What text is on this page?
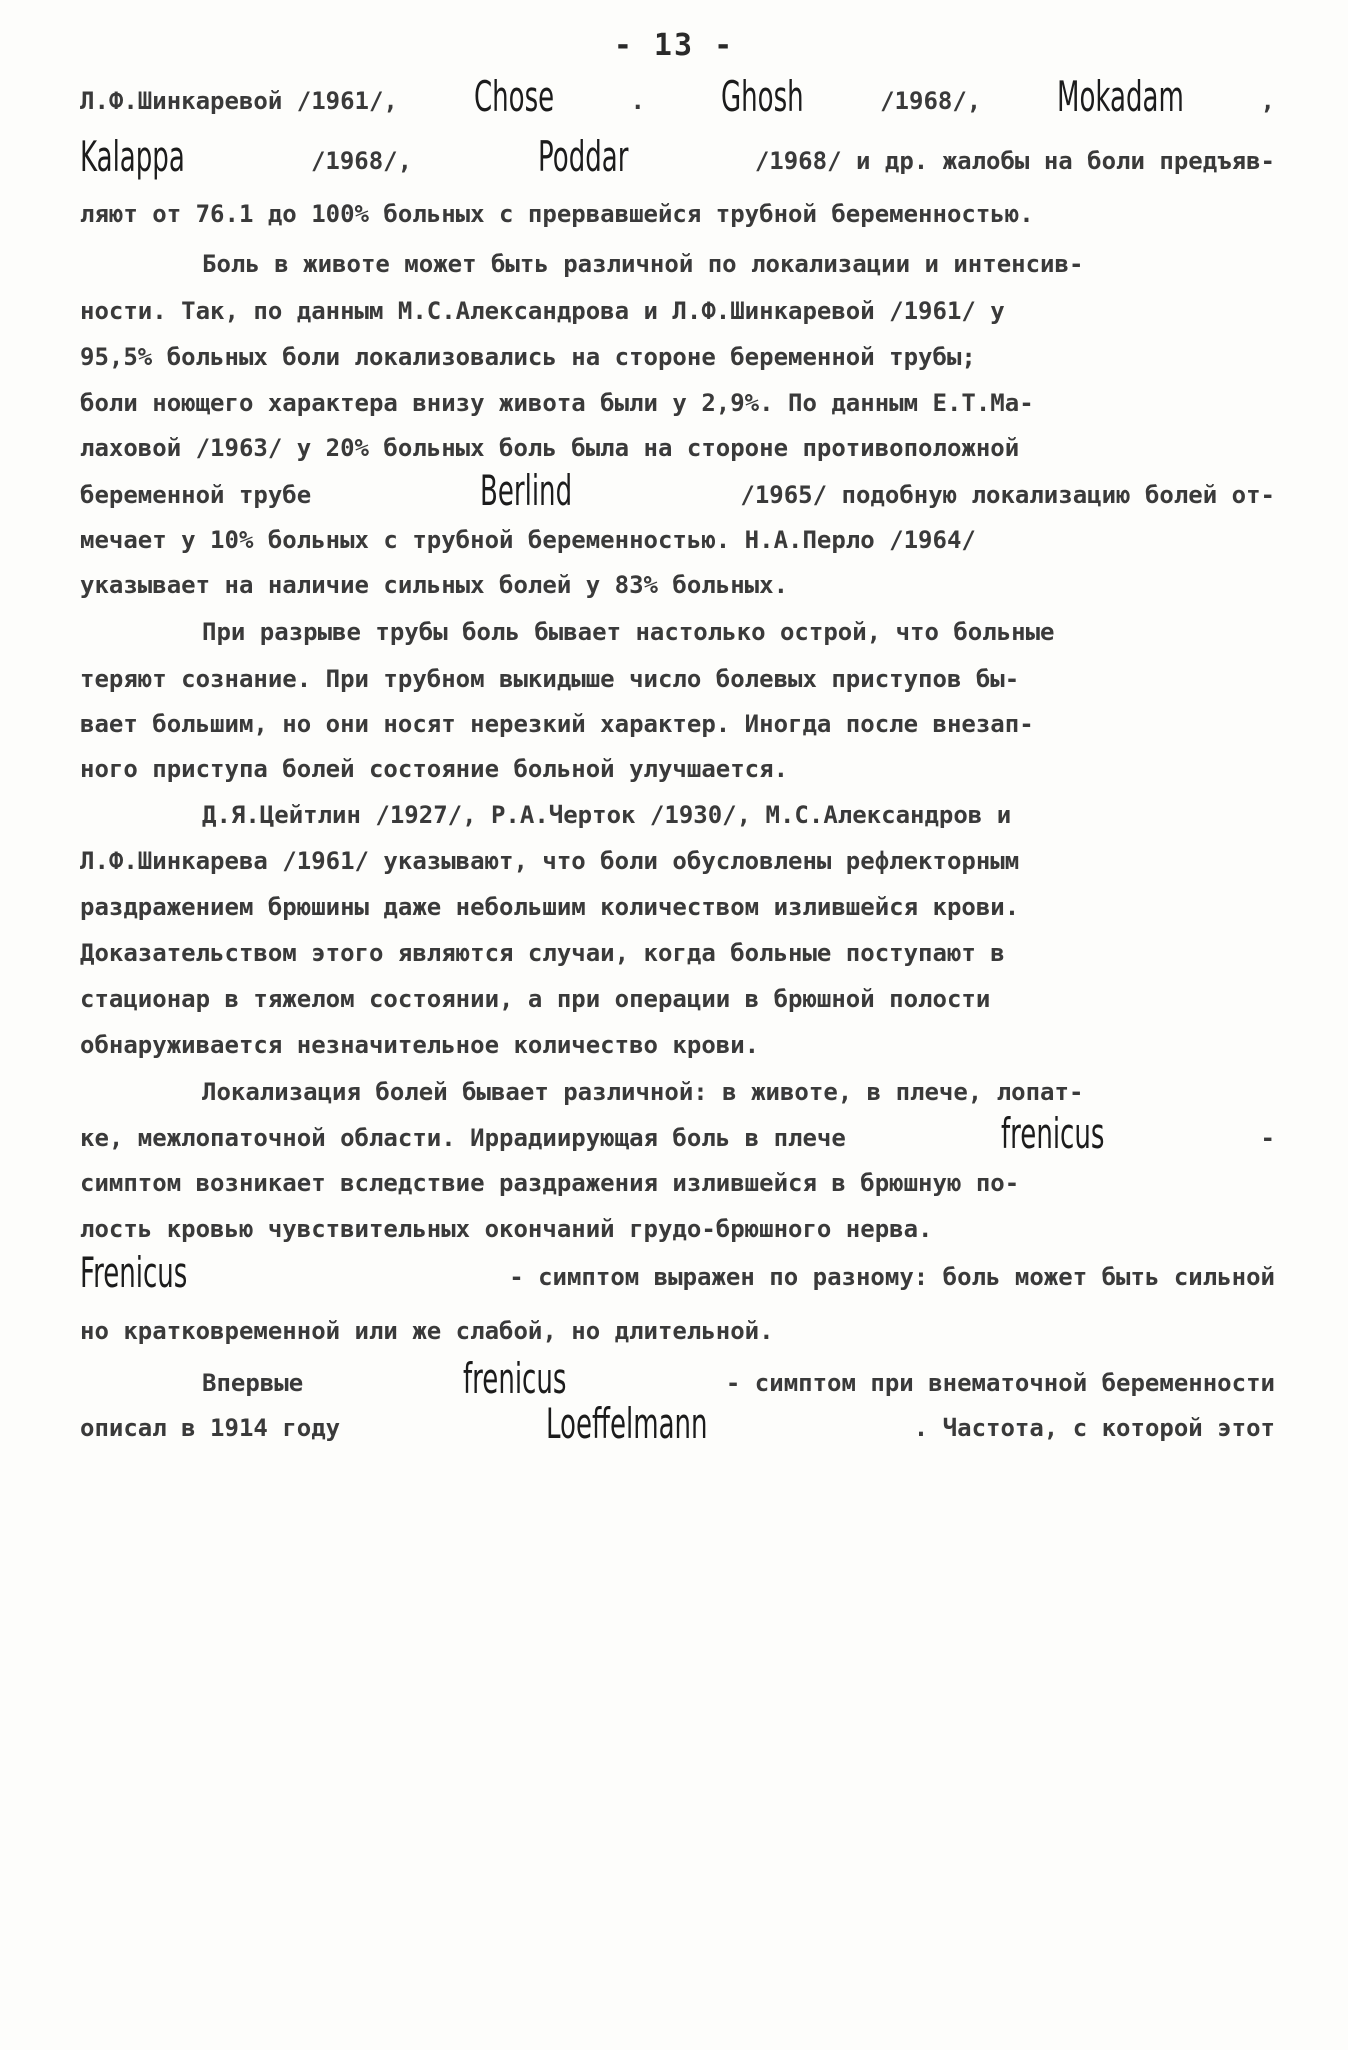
- 13 -
Л.Ф.Шинкаревой /1961/, Chose	. Ghosh	/1968/, Mokadam	,
Kalappa	/1968/,	Poddar	/1968/ и др. жалобы на боли предъяв-
ляют от 76.1 до 100% больных с прервавшейся трубной беременностью.
Боль в животе может быть различной по локализации и интенсив-
ности. Так, по данным М.С.Александрова и Л.Ф.Шинкаревой /1961/ у
95,5% больных боли локализовались на стороне беременной трубы;
боли ноющего характера внизу живота были у 2,9%. По данным Е.Т.Ма-
лаховой /1963/ у 20% больных боль была на стороне противоположной
беременной трубе	Berlind	/1965/ подобную локализацию болей от-
мечает у 10% больных с трубной беременностью. Н.А.Перло /1964/
указывает на наличие сильных болей у 83% больных.
При разрыве трубы боль бывает настолько острой, что больные
теряют сознание. При трубном выкидыше число болевых приступов бы-
вает большим, но они носят нерезкий характер. Иногда после внезап-
ного приступа болей состояние больной улучшается.
Д.Я.Цейтлин /1927/, Р.А.Черток /1930/, М.С.Александров и
Л.Ф.Шинкарева /1961/ указывают, что боли обусловлены рефлекторным
раздражением брюшины даже небольшим количеством излившейся крови.
Доказательством этого являются случаи, когда больные поступают в
стационар в тяжелом состоянии, а при операции в брюшной полости
обнаруживается незначительное количество крови.
Локализация болей бывает различной: в животе, в плече, лопат-
ке, межлопаточной области. Иррадиирующая боль в плече	frenicus	-
симптом возникает вследствие раздражения излившейся в брюшную по-
лость кровью чувствительных окончаний грудо-брюшного нерва.
Frenicus	- симптом выражен по разному: боль может быть сильной
но кратковременной или же слабой, но длительной.
Впервые	frenicus	- симптом при внематочной беременности
описал в 1914 году	Loeffelmann	. Частота, с которой этот
